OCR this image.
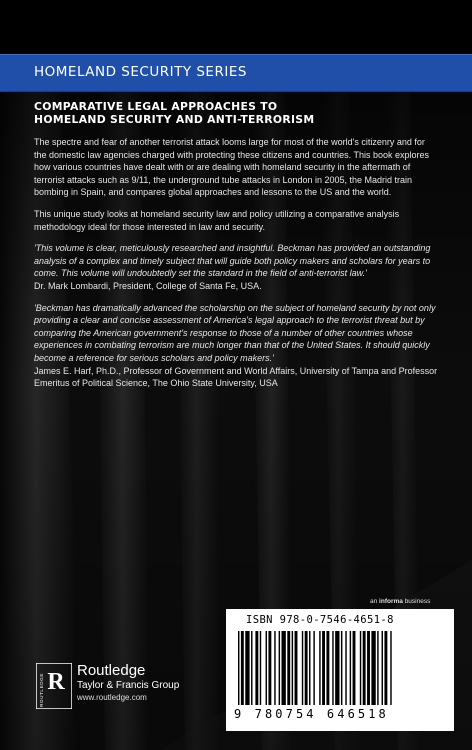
HOMELAND SECURITY SERIES
COMPARATIVE LEGAL APPROACHES TO
HOMELAND SECURITY AND ANTI-TERRORISM

The spectre and fear of another terrorist attack looms large for most of the world's citizenry and for the domestic law agencies charged with protecting these citizens and countries. This book explores how various countries have dealt with or are dealing with homeland security in the aftermath of terrorist attacks such as 9/11, the underground tube attacks in London in 2005, the Madrid train bombing in Spain, and compares global approaches and lessons to the US and the world.

This unique study looks at homeland security law and policy utilizing a comparative analysis methodology ideal for those interested in law and security.

'This volume is clear, meticulously researched and insightful. Beckman has provided an outstanding analysis of a complex and timely subject that will guide both policy makers and scholars for years to come. This volume will undoubtedly set the standard in the field of anti-terrorist law.'

Dr. Mark Lombardi, President, College of Santa Fe, USA.

'Beckman has dramatically advanced the scholarship on the subject of homeland security by not only providing a clear and concise assessment of America's legal approach to the terrorist threat but by comparing the American government's response to those of a number of other countries whose experiences in combating terrorism are much longer than that of the United States. It should quickly become a reference for serious scholars and policy makers.'

James E. Harf, Ph.D., Professor of Government and World Affairs, University of Tampa and Professor Emeritus of Political Science, The Ohio State University, USA

an informa business
ISBN 978-0-7546-4651-8
9 780754 646518
R
ROUTLEDGE
Routledge
Taylor & Francis Group
www.routledge.com
